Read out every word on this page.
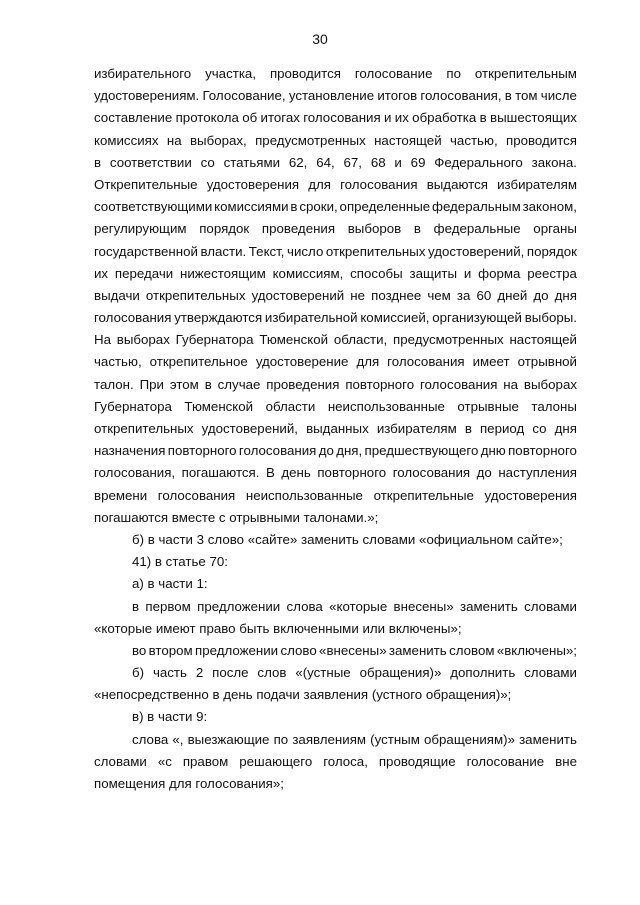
30
избирательного участка, проводится голосование по открепительным
удостоверениям. Голосование, установление итогов голосования, в том числе
составление протокола об итогах голосования и их обработка в вышестоящих
комиссиях на выборах, предусмотренных настоящей частью, проводится
в соответствии со статьями 62, 64, 67, 68 и 69 Федерального закона.
Открепительные удостоверения для голосования выдаются избирателям
соответствующими комиссиями в сроки, определенные федеральным законом,
регулирующим порядок проведения выборов в федеральные органы
государственной власти. Текст, число открепительных удостоверений, порядок
их передачи нижестоящим комиссиям, способы защиты и форма реестра
выдачи открепительных удостоверений не позднее чем за 60 дней до дня
голосования утверждаются избирательной комиссией, организующей выборы.
На выборах Губернатора Тюменской области, предусмотренных настоящей
частью, открепительное удостоверение для голосования имеет отрывной
талон. При этом в случае проведения повторного голосования на выборах
Губернатора Тюменской области неиспользованные отрывные талоны
открепительных удостоверений, выданных избирателям в период со дня
назначения повторного голосования до дня, предшествующего дню повторного
голосования, погашаются. В день повторного голосования до наступления
времени голосования неиспользованные открепительные удостоверения
погашаются вместе с отрывными талонами.»;
б) в части 3 слово «сайте» заменить словами «официальном сайте»;
41) в статье 70:
а) в части 1:
в первом предложении слова «которые внесены» заменить словами
«которые имеют право быть включенными или включены»;
во втором предложении слово «внесены» заменить словом «включены»;
б) часть 2 после слов «(устные обращения)» дополнить словами
«непосредственно в день подачи заявления (устного обращения)»;
в) в части 9:
слова «, выезжающие по заявлениям (устным обращениям)» заменить
словами «с правом решающего голоса, проводящие голосование вне
помещения для голосования»;
